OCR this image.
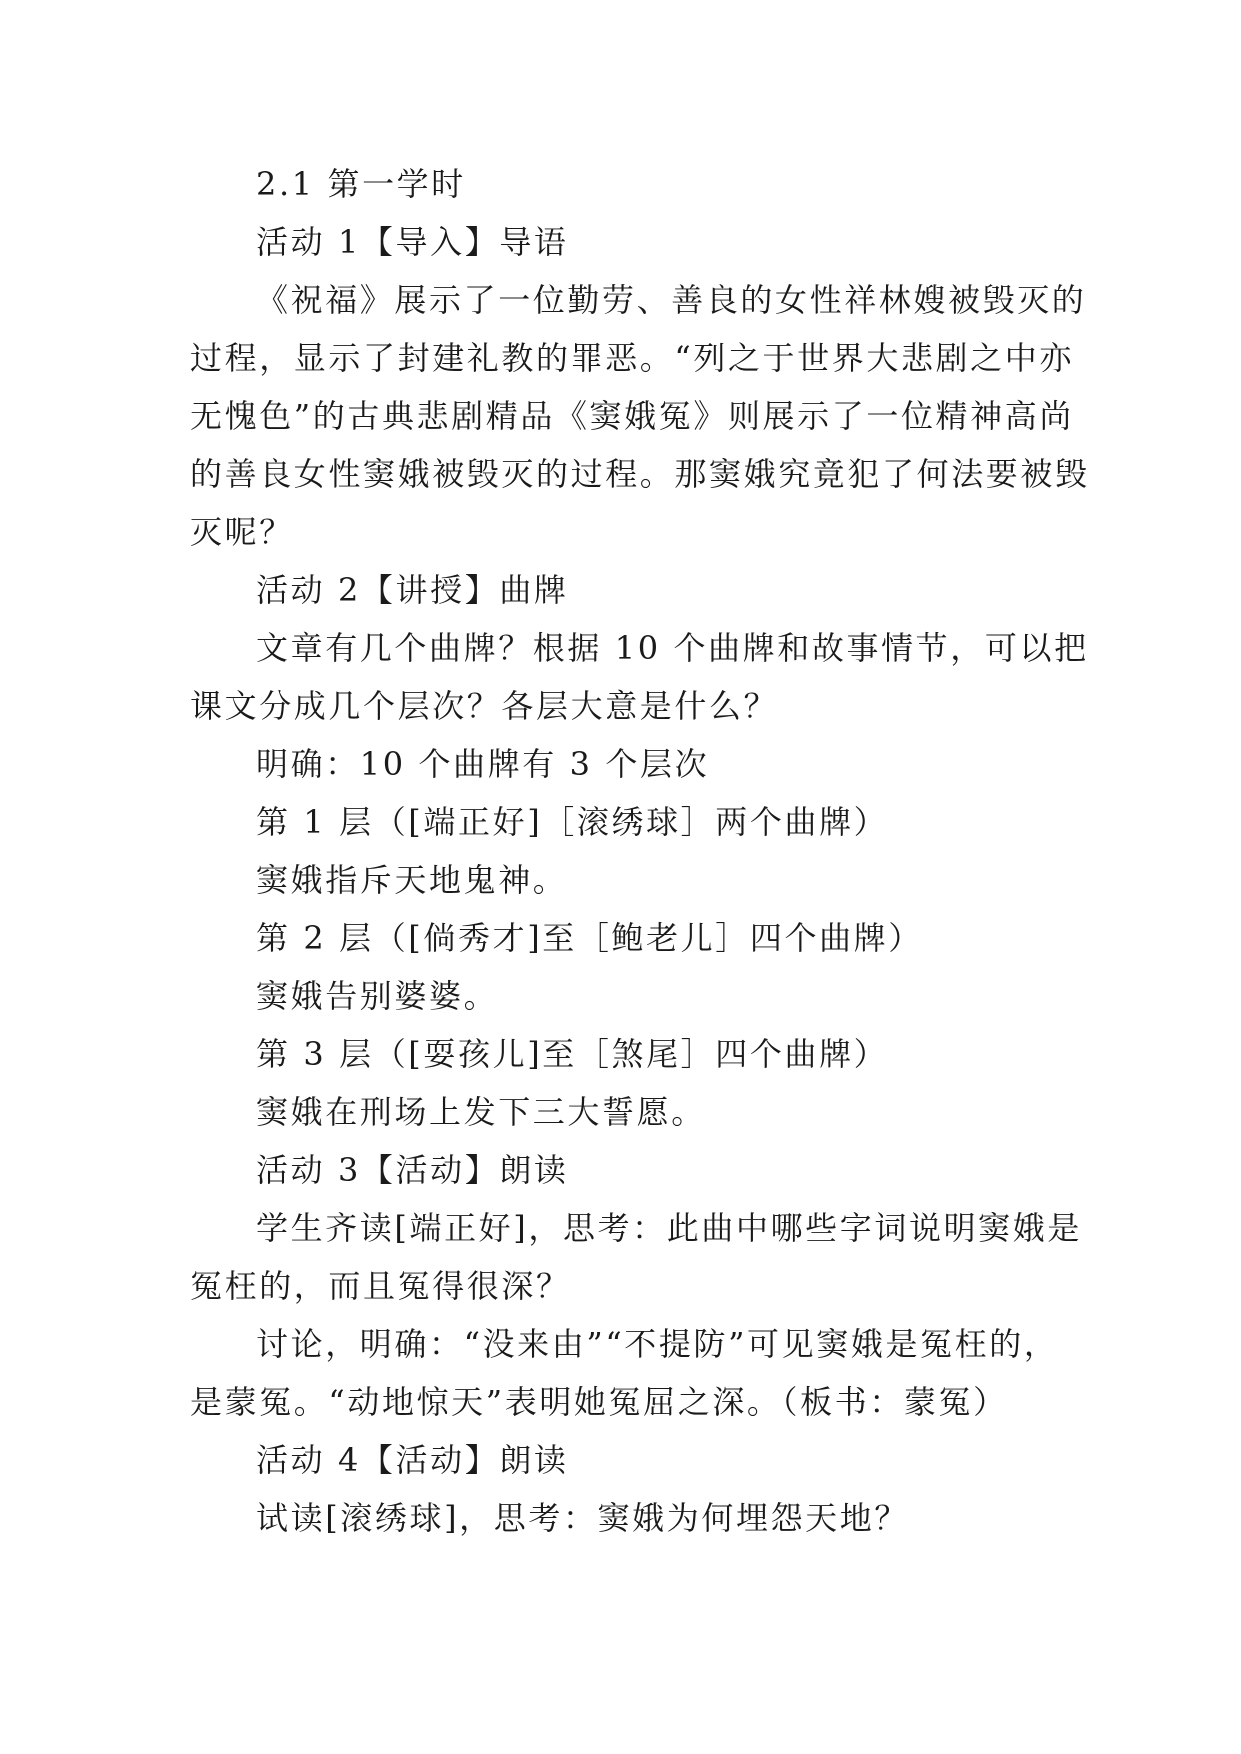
2.1 第一学时
活动 1【导入】导语
《祝福》展示了一位勤劳、善良的女性祥林嫂被毁灭的
过程，显示了封建礼教的罪恶。“列之于世界大悲剧之中亦
无愧色”的古典悲剧精品《窦娥冤》则展示了一位精神高尚
的善良女性窦娥被毁灭的过程。那窦娥究竟犯了何法要被毁
灭呢？
活动 2【讲授】曲牌
文章有几个曲牌？根据 10 个曲牌和故事情节，可以把
课文分成几个层次？各层大意是什么？
明确：10 个曲牌有 3 个层次
第 1 层（[端正好]［滚绣球］两个曲牌）
窦娥指斥天地鬼神。
第 2 层（[倘秀才]至［鲍老儿］四个曲牌）
窦娥告别婆婆。
第 3 层（[耍孩儿]至［煞尾］四个曲牌）
窦娥在刑场上发下三大誓愿。
活动 3【活动】朗读
学生齐读[端正好]，思考：此曲中哪些字词说明窦娥是
冤枉的，而且冤得很深？
讨论，明确：“没来由”“不提防”可见窦娥是冤枉的，
是蒙冤。“动地惊天”表明她冤屈之深。（板书：蒙冤）
活动 4【活动】朗读
试读[滚绣球]，思考：窦娥为何埋怨天地？
